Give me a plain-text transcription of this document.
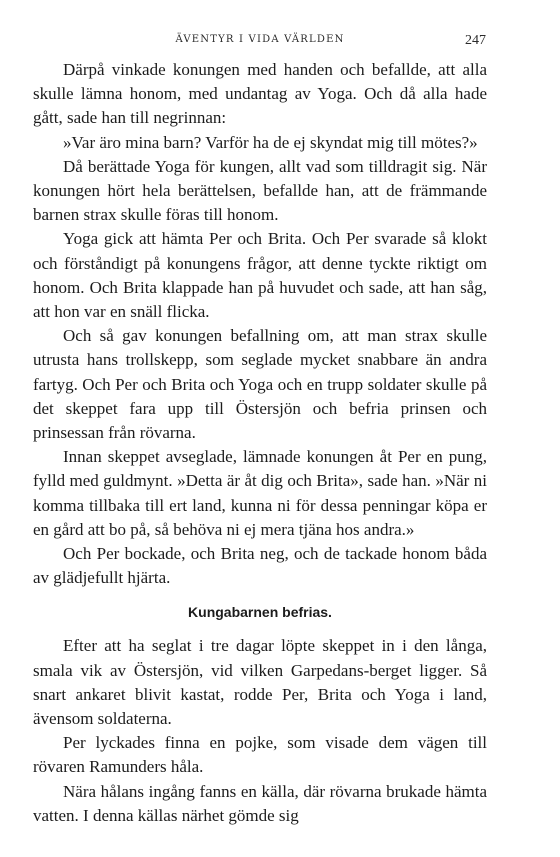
ÄVENTYR I VIDA VÄRLDEN	247

Därpå vinkade konungen med handen och befallde, att alla skulle lämna honom, med undantag av Yoga. Och då alla hade gått, sade han till negrinnan:

»Var äro mina barn? Varför ha de ej skyndat mig till mötes?»

Då berättade Yoga för kungen, allt vad som tilldragit sig. När konungen hört hela berättelsen, befallde han, att de främmande barnen strax skulle föras till honom.

Yoga gick att hämta Per och Brita. Och Per svarade så klokt och förståndigt på konungens frågor, att denne tyckte riktigt om honom. Och Brita klappade han på huvudet och sade, att han såg, att hon var en snäll flicka.

Och så gav konungen befallning om, att man strax skulle utrusta hans trollskepp, som seglade mycket snabbare än andra fartyg. Och Per och Brita och Yoga och en trupp soldater skulle på det skeppet fara upp till Östersjön och befria prinsen och prinsessan från rövarna.

Innan skeppet avseglade, lämnade konungen åt Per en pung, fylld med guldmynt. »Detta är åt dig och Brita», sade han. »När ni komma tillbaka till ert land, kunna ni för dessa penningar köpa er en gård att bo på, så behöva ni ej mera tjäna hos andra.»

Och Per bockade, och Brita neg, och de tackade honom båda av glädjefullt hjärta.

Kungabarnen befrias.

Efter att ha seglat i tre dagar löpte skeppet in i den långa, smala vik av Östersjön, vid vilken Garpedans-berget ligger. Så snart ankaret blivit kastat, rodde Per, Brita och Yoga i land, ävensom soldaterna.

Per lyckades finna en pojke, som visade dem vägen till rövaren Ramunders håla.

Nära hålans ingång fanns en källa, där rövarna brukade hämta vatten. I denna källas närhet gömde sig
